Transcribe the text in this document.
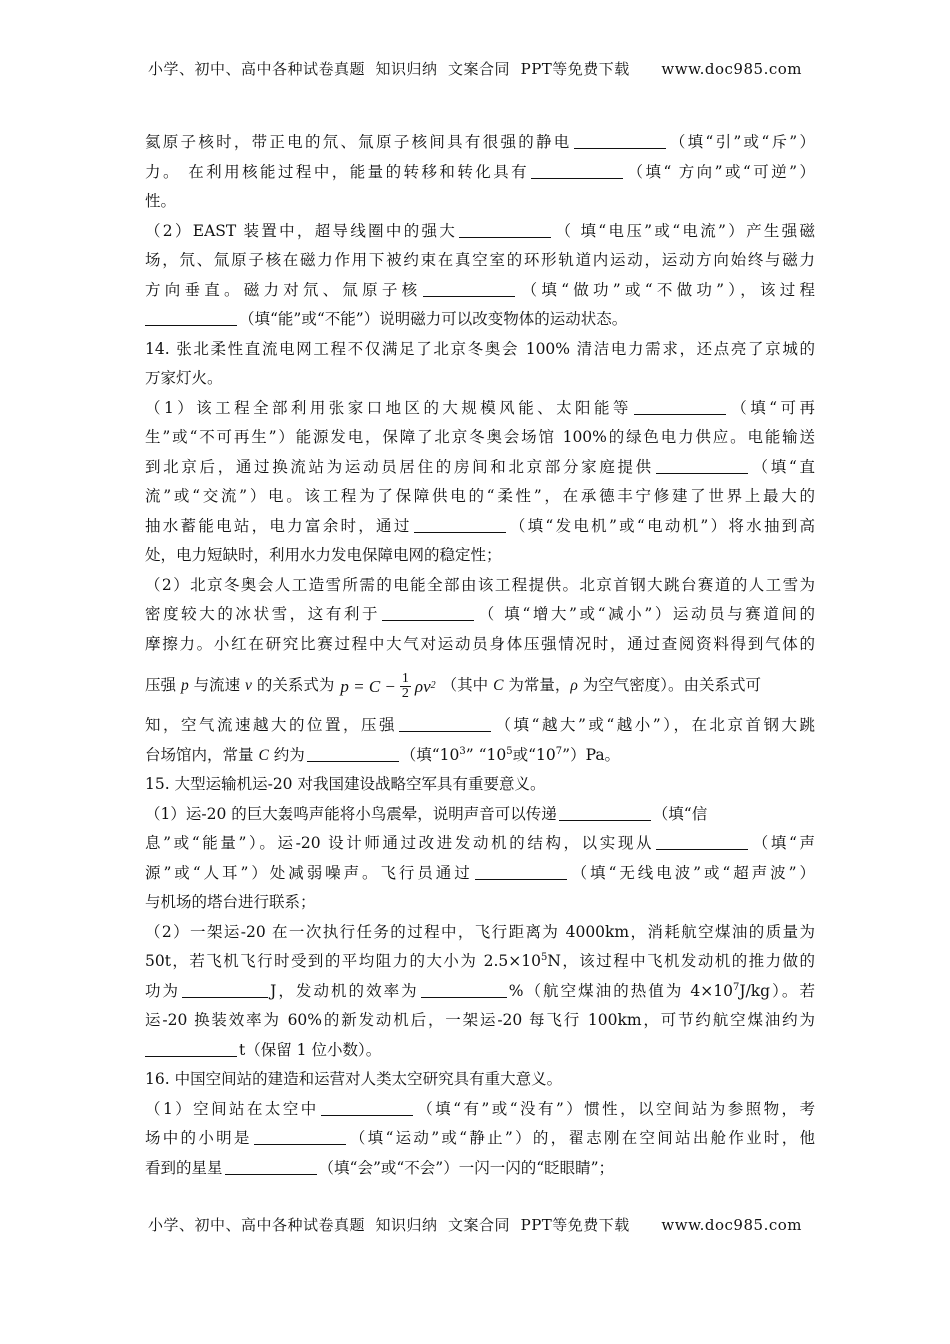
小学、初中、高中各种试卷真题  知识归纳  文案合同  PPT等免费下载      www.doc985.com
氦原子核时，带正电的氘、氚原子核间具有很强的静电	（填“引”或“斥”）
力。 在利用核能过程中，能量的转移和转化具有	（填“ 方向”或“可逆”）
性。
（2）EAST 装置中，超导线圈中的强大	（ 填“电压”或“电流”）产生强磁
场，氘、氚原子核在磁力作用下被约束在真空室的环形轨道内运动，运动方向始终与磁力
方向垂直。磁力对氘、氚原子核	（填“做功”或“不做功”），该过程
（填“能”或“不能”）说明磁力可以改变物体的运动状态。
14. 张北柔性直流电网工程不仅满足了北京冬奥会 100% 清洁电力需求，还点亮了京城的
万家灯火。
（1）该工程全部利用张家口地区的大规模风能、太阳能等	（填“可再
生”或“不可再生”）能源发电，保障了北京冬奥会场馆 100%的绿色电力供应。电能输送
到北京后，通过换流站为运动员居住的房间和北京部分家庭提供	（填“直
流”或“交流”）电。该工程为了保障供电的“柔性”，在承德丰宁修建了世界上最大的
抽水蓄能电站，电力富余时，通过	（填“发电机”或“电动机”）将水抽到高
处，电力短缺时，利用水力发电保障电网的稳定性；
（2）北京冬奥会人工造雪所需的电能全部由该工程提供。北京首钢大跳台赛道的人工雪为
密度较大的冰状雪，这有利于	（ 填“增大”或“减小”）运动员与赛道间的
摩擦力。小红在研究比赛过程中大气对运动员身体压强情况时，通过查阅资料得到气体的
压强 p 与流速 v 的关系式为 $p = C - \frac{1}{2}$ ρv 2 （其中 C 为常量，ρ 为空气密度）。由关系式可
知，空气流速越大的位置，压强	（填“越大”或“越小”），在北京首钢大跳
台场馆内，常量 C 约为	（填“$10^3$” “$10^5$或“$10^7”)Pa$。
15. 大型运输机运-20 对我国建设战略空军具有重要意义。
（1）运-20 的巨大轰鸣声能将小鸟震晕，说明声音可以传递	（填“信
息”或“能量”）。运-20 设计师通过改进发动机的结构，以实现从	（填“声
源”或“人耳”）处减弱噪声。飞行员通过	（填“无线电波”或“超声波”）
与机场的塔台进行联系；
（2）一架运-20 在一次执行任务的过程中，飞行距离为 4000km，消耗航空煤油的质量为
50t，若飞机飞行时受到的平均阻力的大小为 $2.5\times 10^5N$，该过程中飞机发动机的推力做的
功为	J，发动机的效率为	%（航空煤油的热值为 $4\times 10^7J/kg$）。若
运-20 换装效率为 60%的新发动机后，一架运-20 每飞行 100km，可节约航空煤油约为
t（保留 1 位小数）。
16. 中国空间站的建造和运营对人类太空研究具有重大意义。
（1）空间站在太空中	（填“有”或“没有”）惯性，以空间站为参照物，考
场中的小明是	（填“运动”或“静止”）的，翟志刚在空间站出舱作业时，他
看到的星星	（填“会”或“不会”）一闪一闪的“眨眼睛”；
小学、初中、高中各种试卷真题  知识归纳  文案合同  PPT等免费下载      www.doc985.com
